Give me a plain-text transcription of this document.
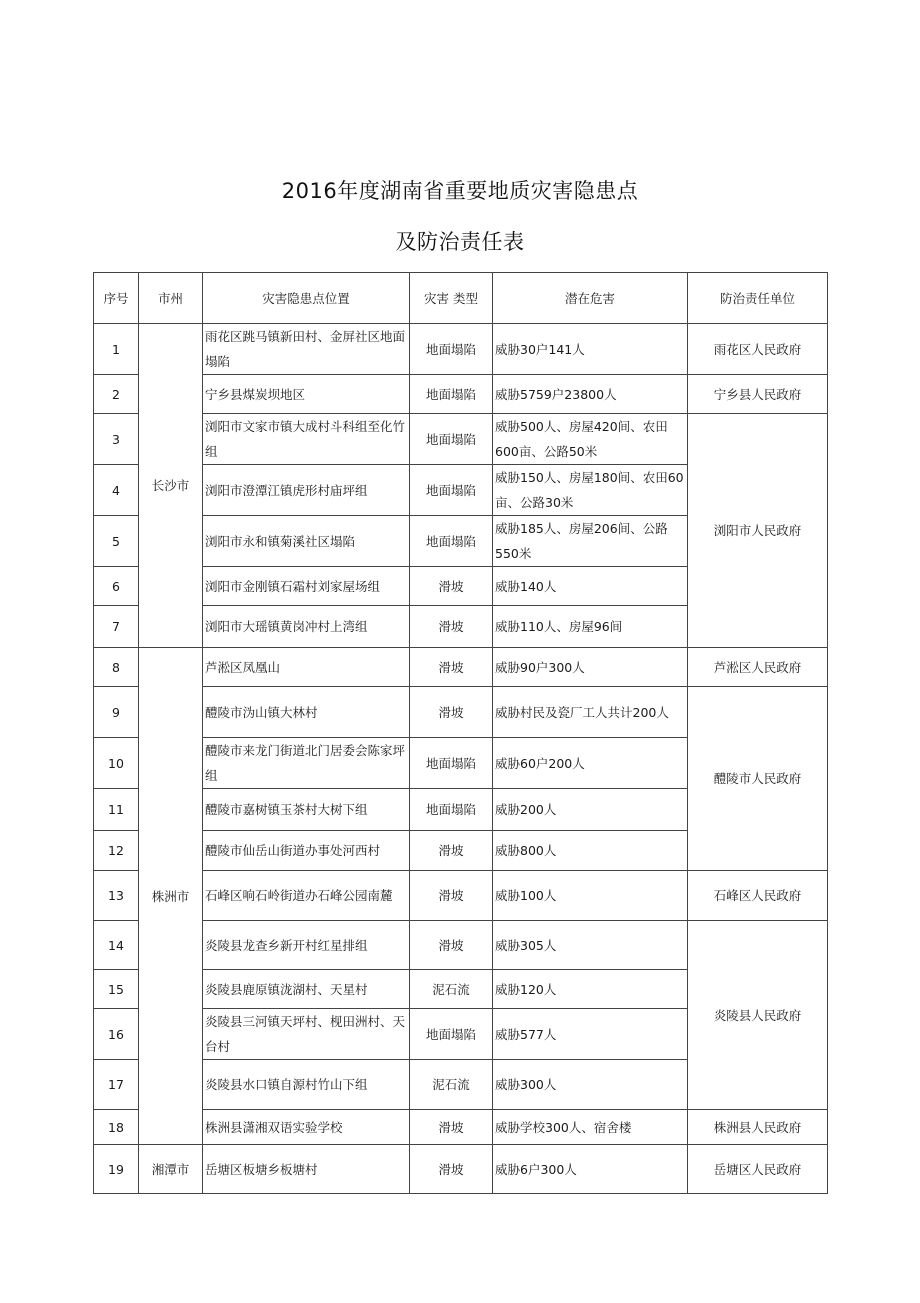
2016年度湖南省重要地质灾害隐患点
及防治责任表
序号	市州	灾害隐患点位置	灾害 类型	潜在危害	防治责任单位
1	长沙市	雨花区跳马镇新田村、金屏社区地面塌陷	地面塌陷	威胁30户141人	雨花区人民政府
2		宁乡县煤炭坝地区	地面塌陷	威胁5759户23800人	宁乡县人民政府
3		浏阳市文家市镇大成村斗科组至化竹组	地面塌陷	威胁500人、房屋420间、农田600亩、公路50米	浏阳市人民政府
4		浏阳市澄潭江镇虎形村庙坪组	地面塌陷	威胁150人、房屋180间、农田60亩、公路30米	
5		浏阳市永和镇菊溪社区塌陷	地面塌陷	威胁185人、房屋206间、公路550米	
6		浏阳市金刚镇石霜村刘家屋场组	滑坡	威胁140人	
7		浏阳市大瑶镇黄岗冲村上湾组	滑坡	威胁110人、房屋96间	
8	株洲市	芦淞区凤凰山	滑坡	威胁90户300人	芦淞区人民政府
9		醴陵市沩山镇大林村	滑坡	威胁村民及瓷厂工人共计200人	醴陵市人民政府
10		醴陵市来龙门街道北门居委会陈家坪组	地面塌陷	威胁60户200人	
11		醴陵市嘉树镇玉茶村大树下组	地面塌陷	威胁200人	
12		醴陵市仙岳山街道办事处河西村	滑坡	威胁800人	
13		石峰区响石岭街道办石峰公园南麓	滑坡	威胁100人	石峰区人民政府
14		炎陵县龙查乡新开村红星排组	滑坡	威胁305人	炎陵县人民政府
15		炎陵县鹿原镇泷湖村、天星村	泥石流	威胁120人	
16		炎陵县三河镇天坪村、枧田洲村、天台村	地面塌陷	威胁577人	
17		炎陵县水口镇自源村竹山下组	泥石流	威胁300人	
18		株洲县潇湘双语实验学校	滑坡	威胁学校300人、宿舍楼	株洲县人民政府
19	湘潭市	岳塘区板塘乡板塘村	滑坡	威胁6户300人	岳塘区人民政府
